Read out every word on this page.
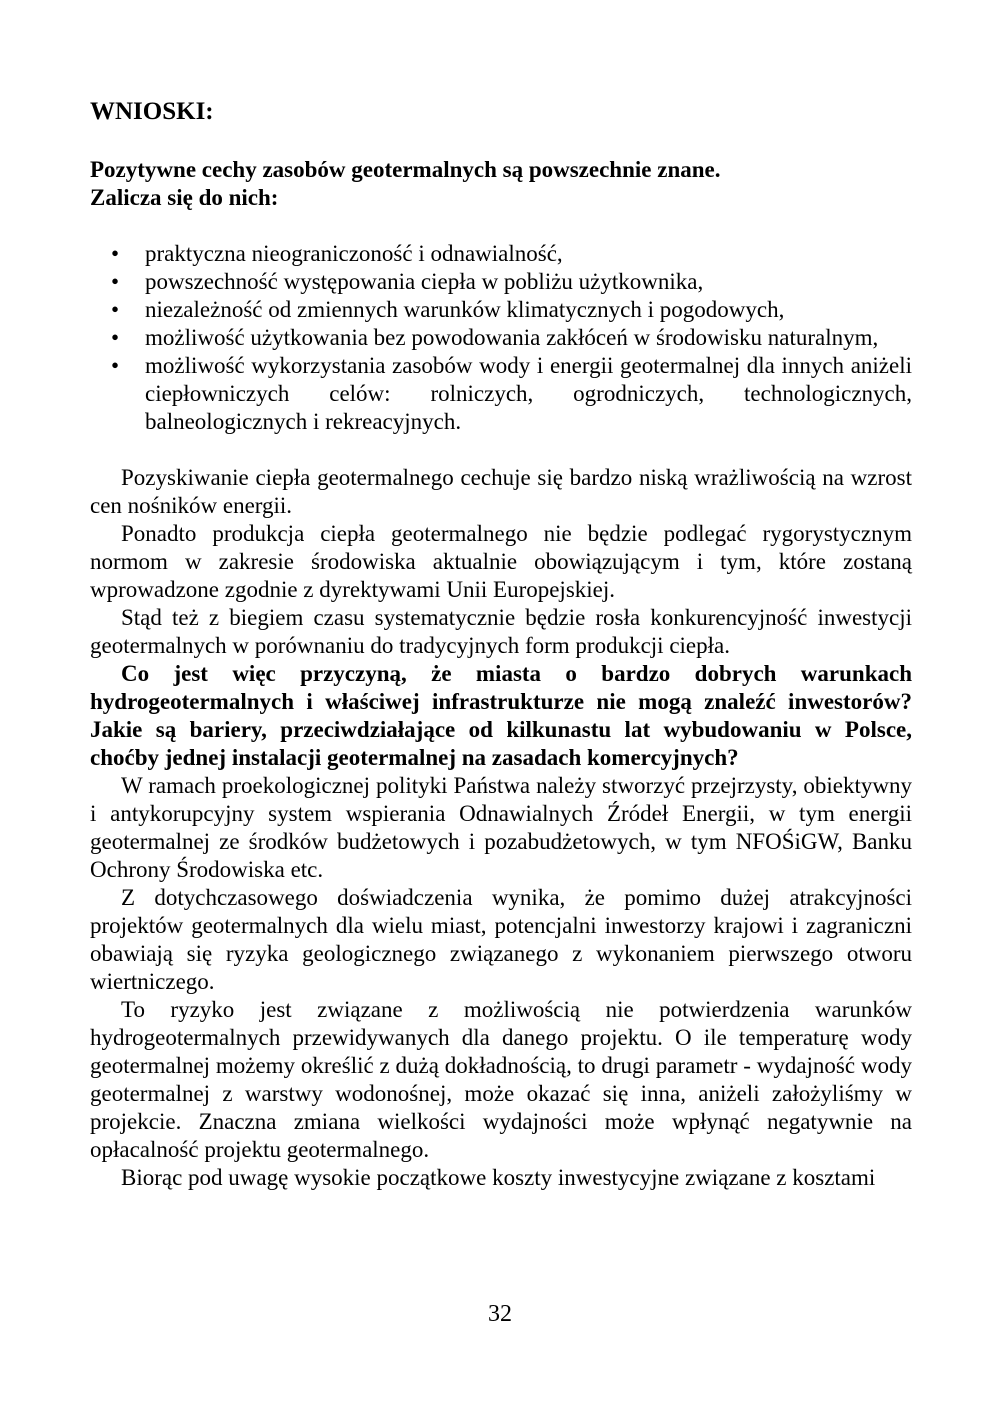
WNIOSKI:
Pozytywne cechy zasobów geotermalnych są powszechnie znane.
Zalicza się do nich:
• praktyczna nieograniczoność i odnawialność,
• powszechność występowania ciepła w pobliżu użytkownika,
• niezależność od zmiennych warunków klimatycznych i pogodowych,
• możliwość użytkowania bez powodowania zakłóceń w środowisku naturalnym,
• możliwość wykorzystania zasobów wody i energii geotermalnej dla innych aniżeli ciepłowniczych celów: rolniczych, ogrodniczych, technologicznych, balneologicznych i rekreacyjnych.

Pozyskiwanie ciepła geotermalnego cechuje się bardzo niską wrażliwością na wzrost cen nośników energii.

Ponadto produkcja ciepła geotermalnego nie będzie podlegać rygorystycznym normom w zakresie środowiska aktualnie obowiązującym i tym, które zostaną wprowadzone zgodnie z dyrektywami Unii Europejskiej.

Stąd też z biegiem czasu systematycznie będzie rosła konkurencyjność inwestycji geotermalnych w porównaniu do tradycyjnych form produkcji ciepła.

Co jest więc przyczyną, że miasta o bardzo dobrych warunkach hydrogeotermalnych i właściwej infrastrukturze nie mogą znaleźć inwestorów? Jakie są bariery, przeciwdziałające od kilkunastu lat wybudowaniu w Polsce, choćby jednej instalacji geotermalnej na zasadach komercyjnych?

W ramach proekologicznej polityki Państwa należy stworzyć przejrzysty, obiektywny i antykorupcyjny system wspierania Odnawialnych Źródeł Energii, w tym energii geotermalnej ze środków budżetowych i pozabudżetowych, w tym NFOŚiGW, Banku Ochrony Środowiska etc.

Z dotychczasowego doświadczenia wynika, że pomimo dużej atrakcyjności projektów geotermalnych dla wielu miast, potencjalni inwestorzy krajowi i zagraniczni obawiają się ryzyka geologicznego związanego z wykonaniem pierwszego otworu wiertniczego.

To ryzyko jest związane z możliwością nie potwierdzenia warunków hydrogeotermalnych przewidywanych dla danego projektu. O ile temperaturę wody geotermalnej możemy określić z dużą dokładnością, to drugi parametr - wydajność wody geotermalnej z warstwy wodonośnej, może okazać się inna, aniżeli założyliśmy w projekcie. Znaczna zmiana wielkości wydajności może wpłynąć negatywnie na opłacalność projektu geotermalnego.

Biorąc pod uwagę wysokie początkowe koszty inwestycyjne związane z kosztami

32
